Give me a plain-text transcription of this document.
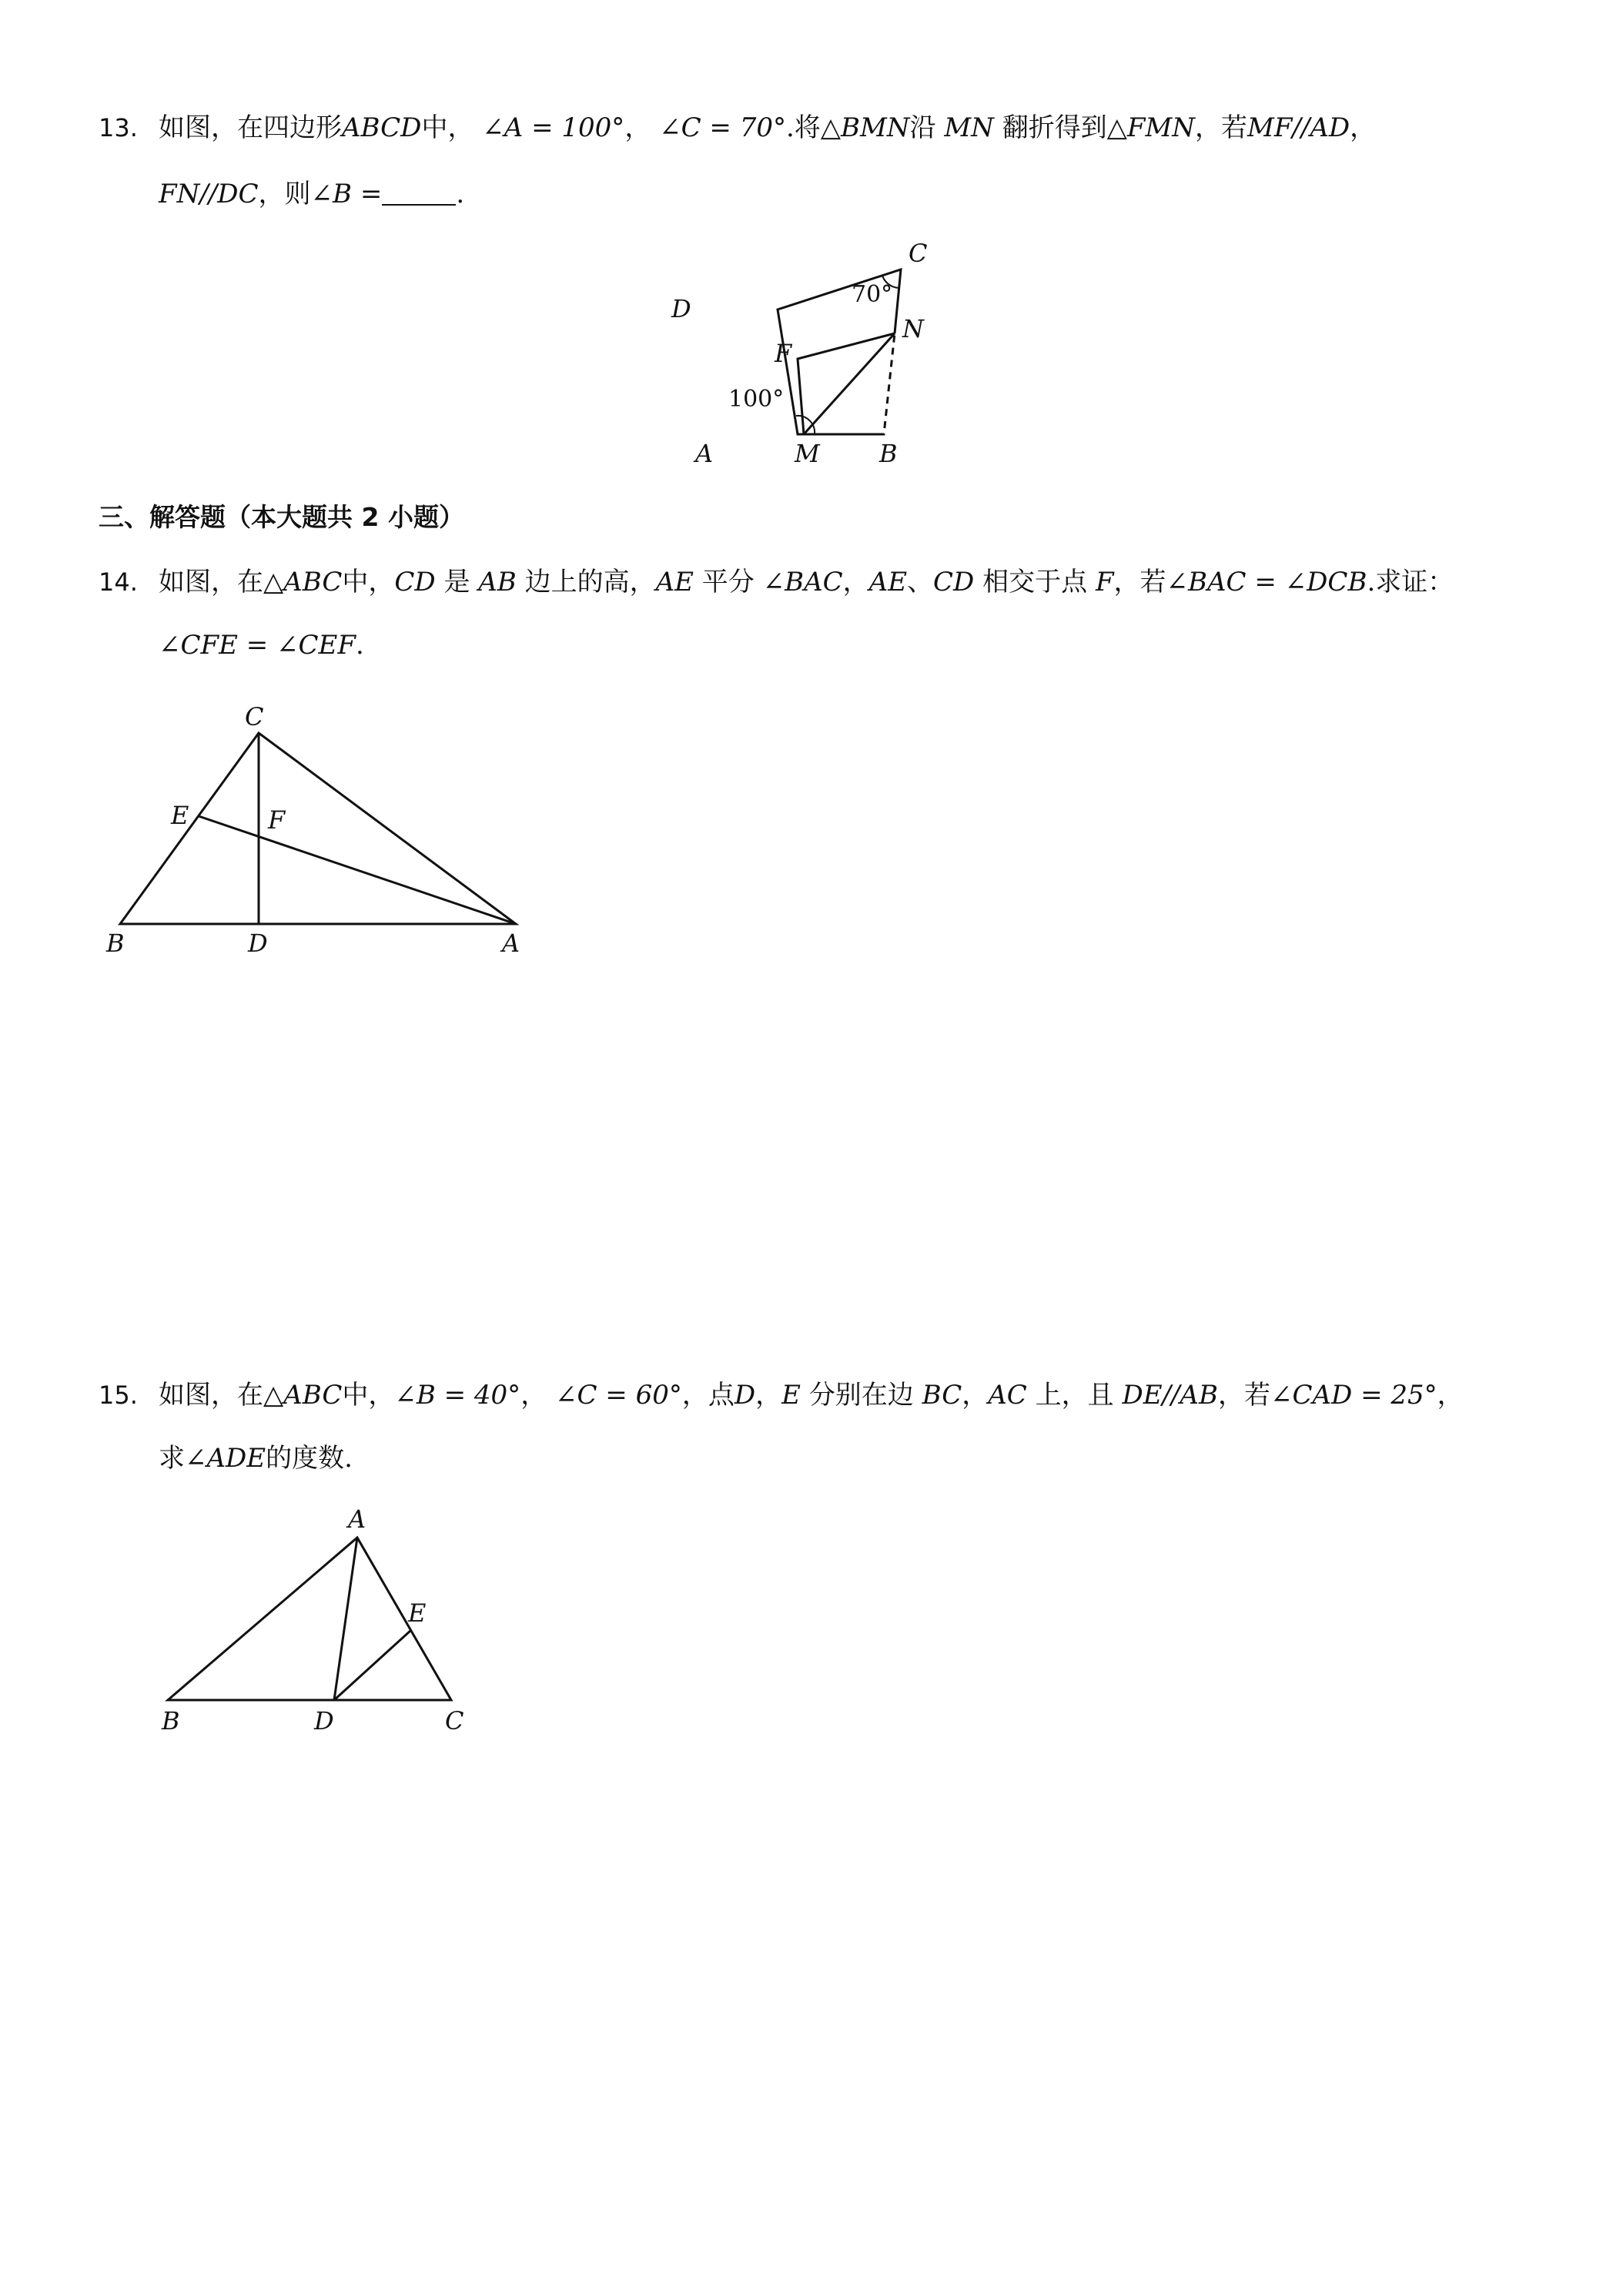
13. 如图，在四边形ABCD中， ∠A = 100°， ∠C = 70°.将△BMN沿 MN 翻折得到△FMN，若MF//AD，
FN//DC，则∠B =	.
D
C
N
F
A	M B
100°
70°
三、解答题（本大题共 2 小题）
14. 如图，在△ABC中，CD 是 AB 边上的高，AE 平分 ∠BAC，AE、CD 相交于点 F，若∠BAC = ∠DCB.求证：
∠CFE = ∠CEF.
C
E	F
B	D	A
15. 如图，在△ABC中，∠B = 40°， ∠C = 60°，点D，E 分别在边 BC，AC 上，且 DE//AB，若∠CAD = 25°，
求∠ADE的度数.
A
E
B	D	C
